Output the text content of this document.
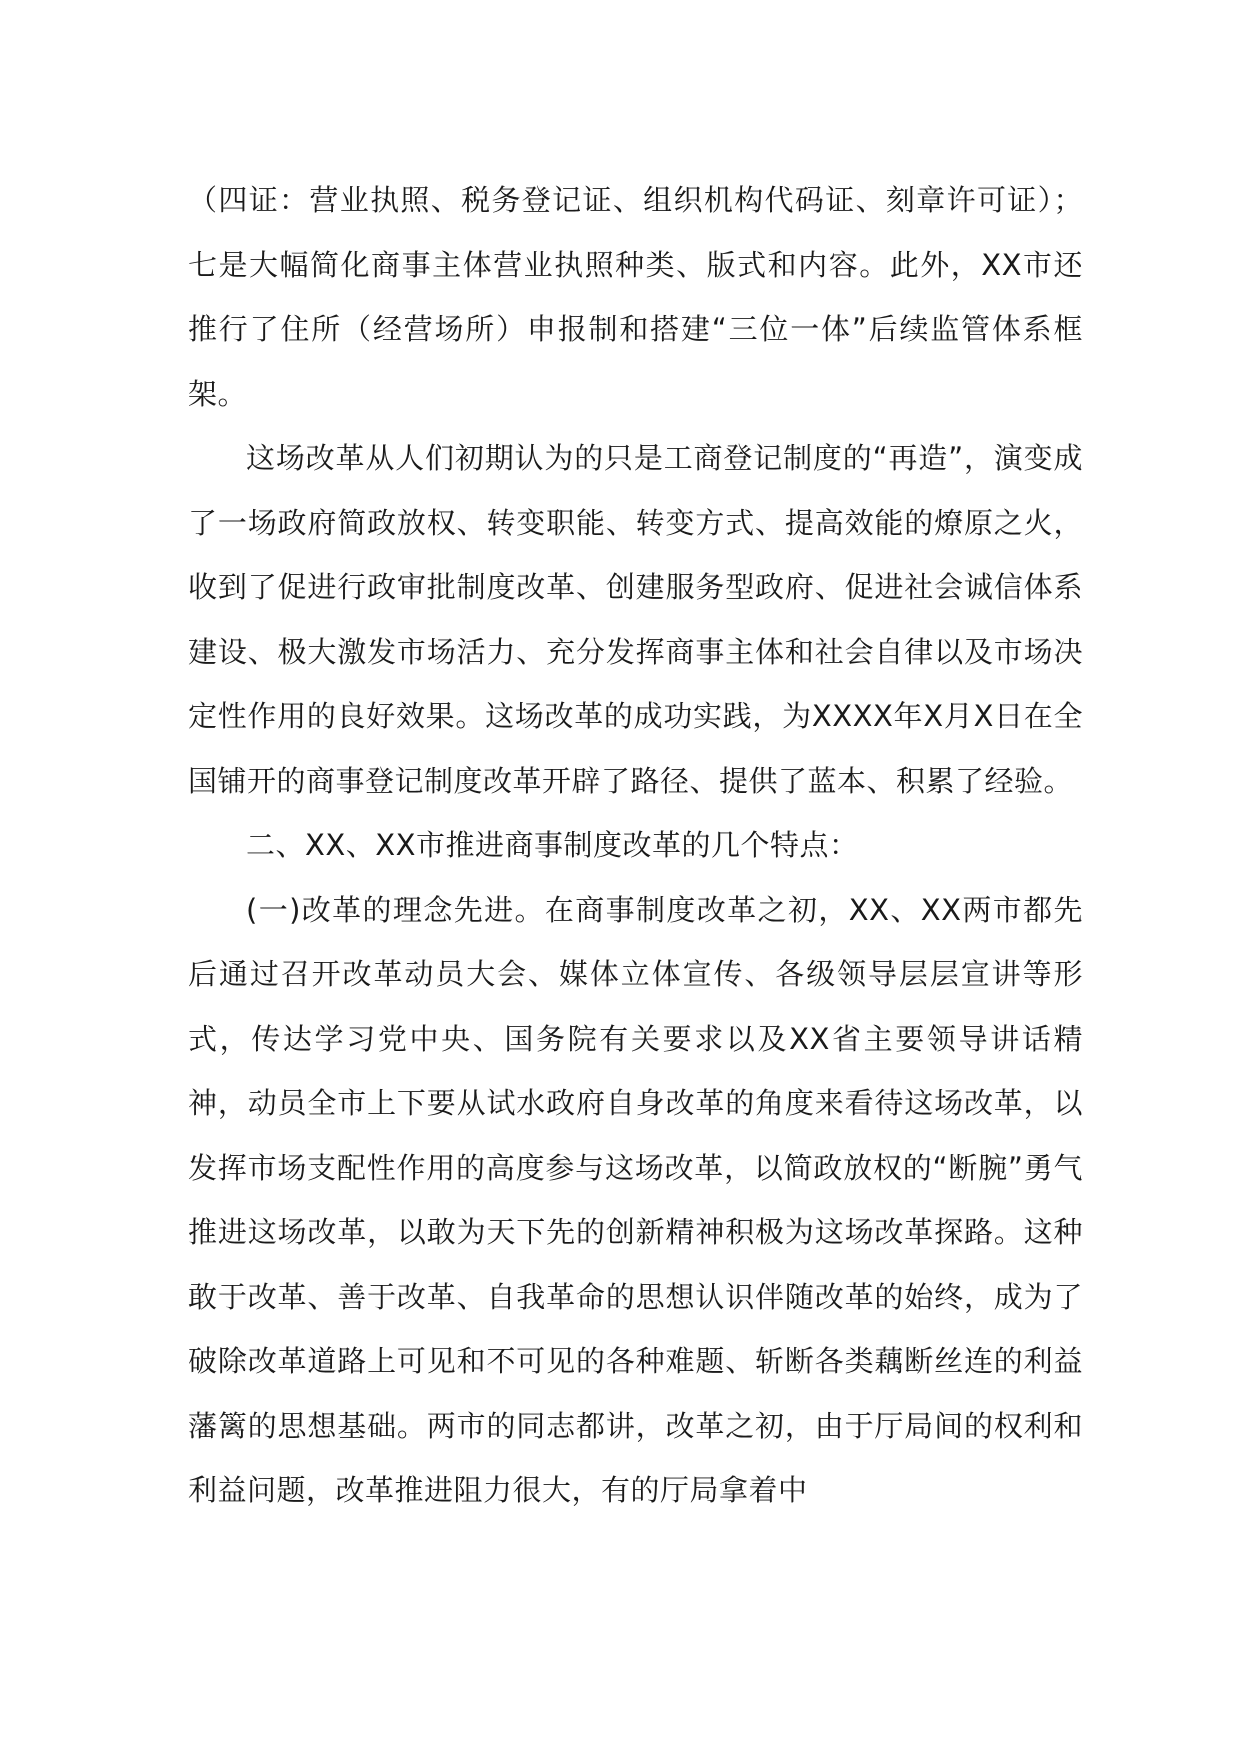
（四证：营业执照、税务登记证、组织机构代码证、刻章许可证）；七是大幅简化商事主体营业执照种类、版式和内容。此外，XX市还推行了住所（经营场所）申报制和搭建“三位一体”后续监管体系框架。

这场改革从人们初期认为的只是工商登记制度的“再造”，演变成了一场政府简政放权、转变职能、转变方式、提高效能的燎原之火，收到了促进行政审批制度改革、创建服务型政府、促进社会诚信体系建设、极大激发市场活力、充分发挥商事主体和社会自律以及市场决定性作用的良好效果。这场改革的成功实践，为XXXX年X月X日在全国铺开的商事登记制度改革开辟了路径、提供了蓝本、积累了经验。

二、XX、XX市推进商事制度改革的几个特点：

(一)改革的理念先进。在商事制度改革之初，XX、XX两市都先后通过召开改革动员大会、媒体立体宣传、各级领导层层宣讲等形式，传达学习党中央、国务院有关要求以及XX省主要领导讲话精神，动员全市上下要从试水政府自身改革的角度来看待这场改革，以发挥市场支配性作用的高度参与这场改革，以简政放权的“断腕”勇气推进这场改革，以敢为天下先的创新精神积极为这场改革探路。这种敢于改革、善于改革、自我革命的思想认识伴随改革的始终，成为了破除改革道路上可见和不可见的各种难题、斩断各类藕断丝连的利益藩篱的思想基础。两市的同志都讲，改革之初，由于厅局间的权利和利益问题，改革推进阻力很大，有的厅局拿着中
